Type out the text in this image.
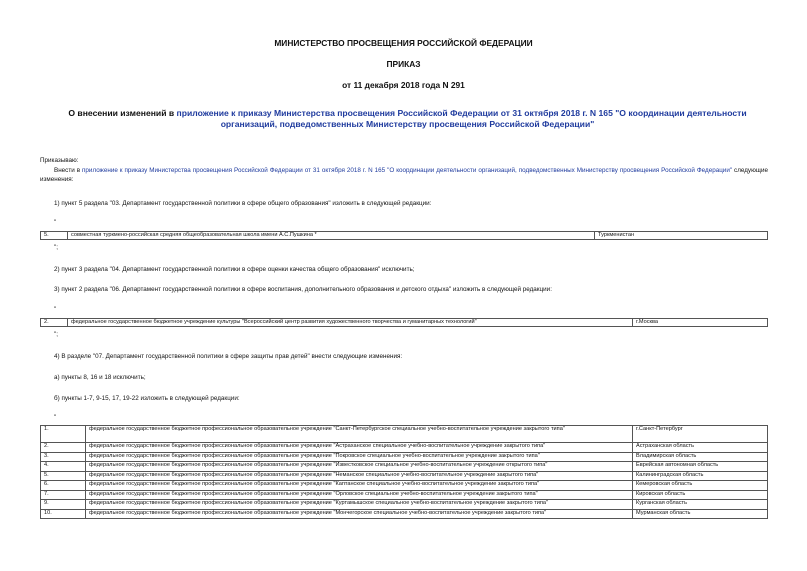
МИНИСТЕРСТВО ПРОСВЕЩЕНИЯ РОССИЙСКОЙ ФЕДЕРАЦИИ
ПРИКАЗ
от 11 декабря 2018 года N 291
О внесении изменений в приложение к приказу Министерства просвещения Российской Федерации от 31 октября 2018 г. N 165 "О координации деятельности организаций, подведомственных Министерству просвещения Российской Федерации"
Приказываю:
Внести в приложение к приказу Министерства просвещения Российской Федерации от 31 октября 2018 г. N 165 "О координации деятельности организаций, подведомственных Министерству просвещения Российской Федерации" следующие изменения:
1) пункт 5 раздела "03. Департамент государственной политики в сфере общего образования" изложить в следующей редакции:
"
5.	совместная туркмено-российская средняя общеобразовательная школа имени А.С.Пушкина *	Туркменистан
";
2) пункт 3 раздела "04. Департамент государственной политики в сфере оценки качества общего образования" исключить;
3) пункт 2 раздела "06. Департамент государственной политики в сфере воспитания, дополнительного образования и детского отдыха" изложить в следующей редакции:
"
2.	федеральное государственное бюджетное учреждение культуры "Всероссийский центр развития художественного творчества и гуманитарных технологий"	г.Москва
";
4) В разделе "07. Департамент государственной политики в сфере защиты прав детей" внести следующие изменения:
а) пункты 8, 16 и 18 исключить;
б) пункты 1-7, 9-15, 17, 19-22 изложить в следующей редакции:
"
1.	федеральное государственное бюджетное профессиональное образовательное учреждение "Санкт-Петербургское специальное учебно-воспитательное учреждение закрытого типа"	г.Санкт-Петербург
2.	федеральное государственное бюджетное профессиональное образовательное учреждение "Астраханское специальное учебно-воспитательное учреждение закрытого типа"	Астраханская область
3.	федеральное государственное бюджетное профессиональное образовательное учреждение "Покровское специальное учебно-воспитательное учреждение закрытого типа"	Владимирская область
4.	федеральное государственное бюджетное профессиональное образовательное учреждение "Известковское специальное учебно-воспитательное учреждение открытого типа"	Еврейская автономная область
5.	федеральное государственное бюджетное профессиональное образовательное учреждение "Неманское специальное учебно-воспитательное учреждение закрытого типа"	Калининградская область
6.	федеральное государственное бюджетное профессиональное образовательное учреждение "Каптанское специальное учебно-воспитательное учреждение закрытого типа"	Кемеровская область
7.	федеральное государственное бюджетное профессиональное образовательное учреждение "Орловское специальное учебно-воспитательное учреждение закрытого типа"	Кировская область
9.	федеральное государственное бюджетное профессиональное образовательное учреждение "Куртамышское специальное учебно-воспитательное учреждение закрытого типа"	Курганская область
10.	федеральное государственное бюджетное профессиональное образовательное учреждение "Мончегорское специальное учебно-воспитательное учреждение закрытого типа"	Мурманская область
